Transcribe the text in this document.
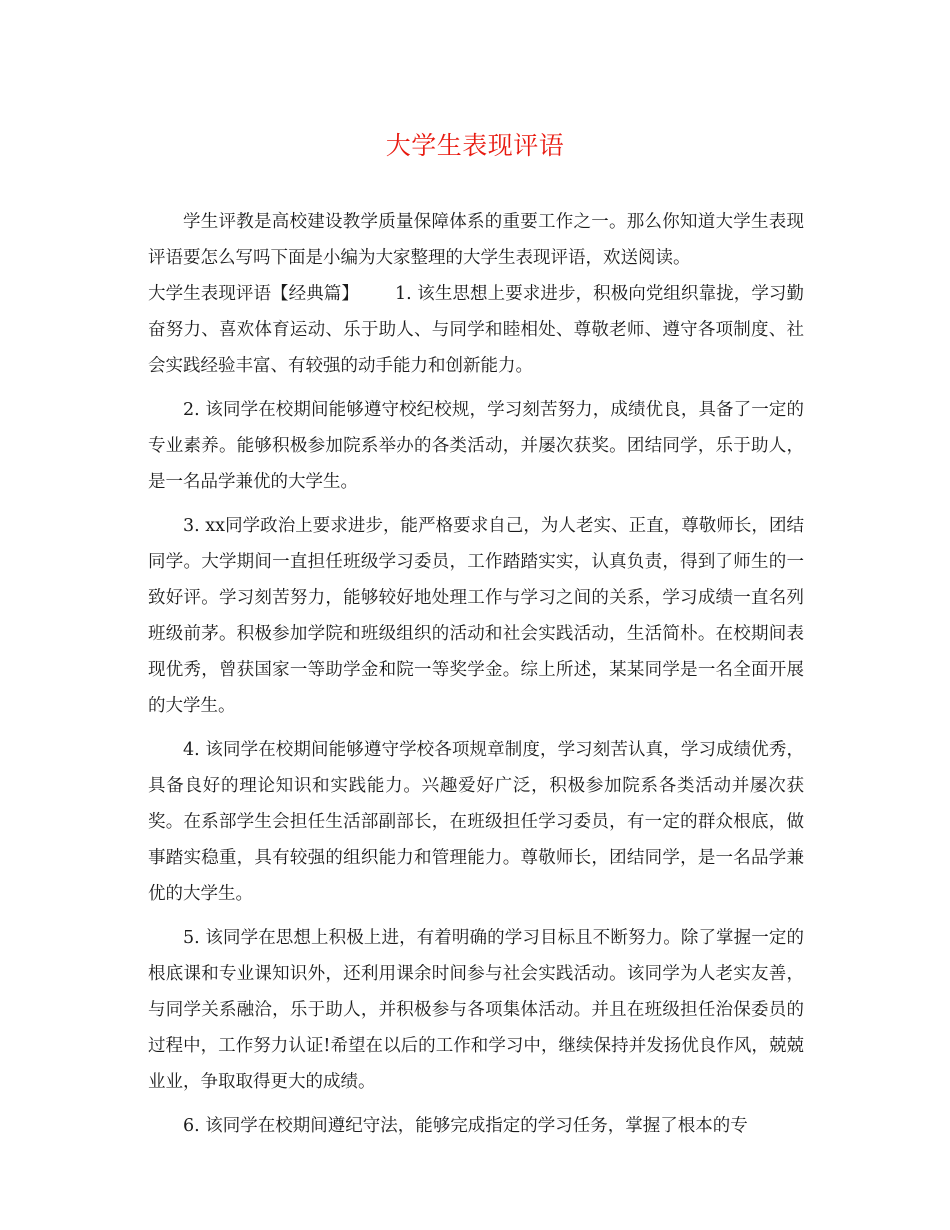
大学生表现评语

学生评教是高校建设教学质量保障体系的重要工作之一。那么你知道大学生表现评语要怎么写吗下面是小编为大家整理的大学生表现评语，欢送阅读。

大学生表现评语【经典篇】 1. 该生思想上要求进步，积极向党组织靠拢，学习勤奋努力、喜欢体育运动、乐于助人、与同学和睦相处、尊敬老师、遵守各项制度、社会实践经验丰富、有较强的动手能力和创新能力。

2. 该同学在校期间能够遵守校纪校规，学习刻苦努力，成绩优良，具备了一定的专业素养。能够积极参加院系举办的各类活动，并屡次获奖。团结同学，乐于助人，是一名品学兼优的大学生。

3. xx同学政治上要求进步，能严格要求自己，为人老实、正直，尊敬师长，团结同学。大学期间一直担任班级学习委员，工作踏踏实实，认真负责，得到了师生的一致好评。学习刻苦努力，能够较好地处理工作与学习之间的关系，学习成绩一直名列班级前茅。积极参加学院和班级组织的活动和社会实践活动，生活简朴。在校期间表现优秀，曾获国家一等助学金和院一等奖学金。综上所述，某某同学是一名全面开展的大学生。

4. 该同学在校期间能够遵守学校各项规章制度，学习刻苦认真，学习成绩优秀，具备良好的理论知识和实践能力。兴趣爱好广泛，积极参加院系各类活动并屡次获奖。在系部学生会担任生活部副部长，在班级担任学习委员，有一定的群众根底，做事踏实稳重，具有较强的组织能力和管理能力。尊敬师长，团结同学，是一名品学兼优的大学生。

5. 该同学在思想上积极上进，有着明确的学习目标且不断努力。除了掌握一定的根底课和专业课知识外，还利用课余时间参与社会实践活动。该同学为人老实友善，与同学关系融洽，乐于助人，并积极参与各项集体活动。并且在班级担任治保委员的过程中，工作努力认证!希望在以后的工作和学习中，继续保持并发扬优良作风，兢兢业业，争取取得更大的成绩。

6. 该同学在校期间遵纪守法，能够完成指定的学习任务，掌握了根本的专
